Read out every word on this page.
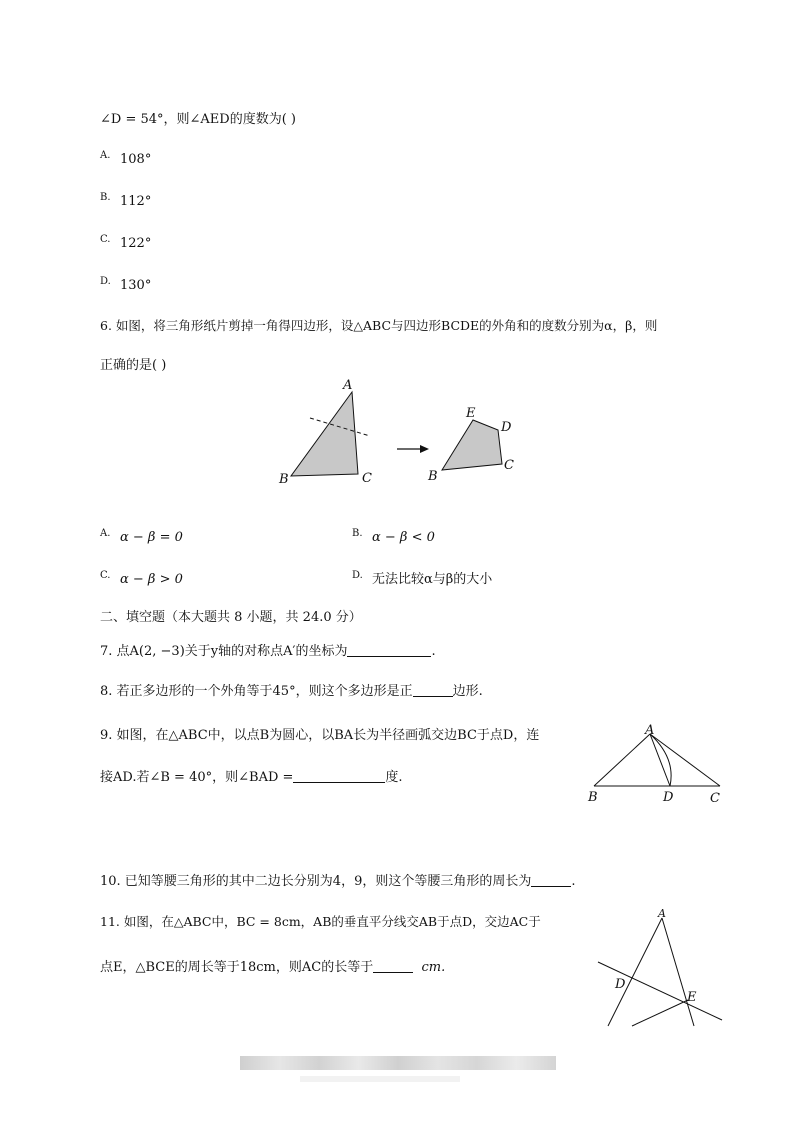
∠D = 54°，则∠AED的度数为( )
A. 108°
B. 112°
C. 122°
D. 130°
6. 如图，将三角形纸片剪掉一角得四边形，设△ABC与四边形BCDE的外角和的度数分别为α，β，则
正确的是( )
A
B	C
E
D
B
C
A. α − β = 0	B. α − β < 0
C. α − β > 0	D. 无法比较α与β的大小
二、填空题（本大题共 8 小题，共 24.0 分）
7. 点A(2, −3)关于y轴的对称点A′的坐标为	.
8. 若正多边形的一个外角等于45°，则这个多边形是正	边形.
9. 如图，在△ABC中，以点B为圆心，以BA长为半径画弧交边BC于点D，连
接AD.若∠B = 40°，则∠BAD =	度.
A
B	D	C
10. 已知等腰三角形的其中二边长分别为4，9，则这个等腰三角形的周长为	.
11. 如图，在△ABC中，BC = 8cm，AB的垂直平分线交AB于点D，交边AC于
点E，△BCE的周长等于18cm，则AC的长等于	cm.
A
D
E
